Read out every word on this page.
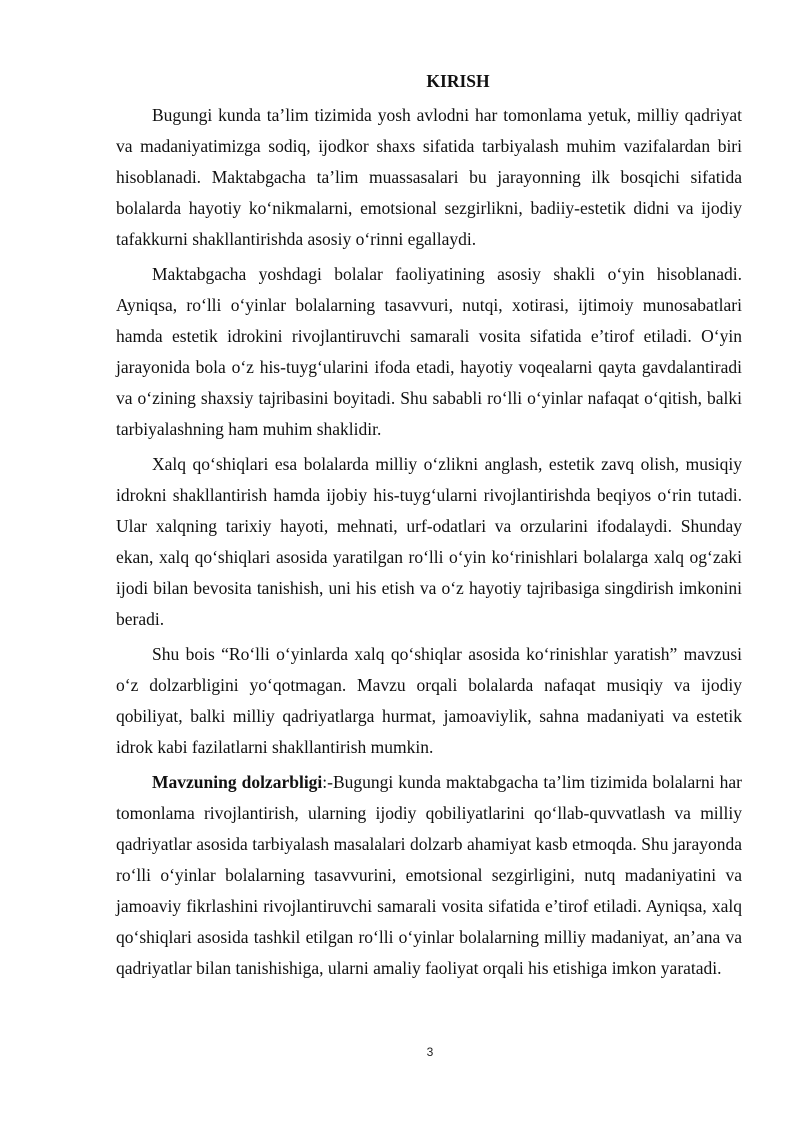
KIRISH

Bugungi kunda ta’lim tizimida yosh avlodni har tomonlama yetuk, milliy qadriyat va madaniyatimizga sodiq, ijodkor shaxs sifatida tarbiyalash muhim vazifalardan biri hisoblanadi. Maktabgacha ta’lim muassasalari bu jarayonning ilk bosqichi sifatida bolalarda hayotiy ko‘nikmalarni, emotsional sezgirlikni, badiiy-estetik didni va ijodiy tafakkurni shakllantirishda asosiy o‘rinni egallaydi.

Maktabgacha yoshdagi bolalar faoliyatining asosiy shakli o‘yin hisoblanadi. Ayniqsa, ro‘lli o‘yinlar bolalarning tasavvuri, nutqi, xotirasi, ijtimoiy munosabatlari hamda estetik idrokini rivojlantiruvchi samarali vosita sifatida e’tirof etiladi. O‘yin jarayonida bola o‘z his-tuyg‘ularini ifoda etadi, hayotiy voqealarni qayta gavdalantiradi va o‘zining shaxsiy tajribasini boyitadi. Shu sababli ro‘lli o‘yinlar nafaqat o‘qitish, balki tarbiyalashning ham muhim shaklidir.

Xalq qo‘shiqlari esa bolalarda milliy o‘zlikni anglash, estetik zavq olish, musiqiy idrokni shakllantirish hamda ijobiy his-tuyg‘ularni rivojlantirishda beqiyos o‘rin tutadi. Ular xalqning tarixiy hayoti, mehnati, urf-odatlari va orzularini ifodalaydi. Shunday ekan, xalq qo‘shiqlari asosida yaratilgan ro‘lli o‘yin ko‘rinishlari bolalarga xalq og‘zaki ijodi bilan bevosita tanishish, uni his etish va o‘z hayotiy tajribasiga singdirish imkonini beradi.

Shu bois “Ro‘lli o‘yinlarda xalq qo‘shiqlar asosida ko‘rinishlar yaratish” mavzusi o‘z dolzarbligini yo‘qotmagan. Mavzu orqali bolalarda nafaqat musiqiy va ijodiy qobiliyat, balki milliy qadriyatlarga hurmat, jamoaviylik, sahna madaniyati va estetik idrok kabi fazilatlarni shakllantirish mumkin.

Mavzuning dolzarbligi:-Bugungi kunda maktabgacha ta’lim tizimida bolalarni har tomonlama rivojlantirish, ularning ijodiy qobiliyatlarini qo‘llab-quvvatlash va milliy qadriyatlar asosida tarbiyalash masalalari dolzarb ahamiyat kasb etmoqda. Shu jarayonda ro‘lli o‘yinlar bolalarning tasavvurini, emotsional sezgirligini, nutq madaniyatini va jamoaviy fikrlashini rivojlantiruvchi samarali vosita sifatida e’tirof etiladi. Ayniqsa, xalq qo‘shiqlari asosida tashkil etilgan ro‘lli o‘yinlar bolalarning milliy madaniyat, an’ana va qadriyatlar bilan tanishishiga, ularni amaliy faoliyat orqali his etishiga imkon yaratadi.

3
